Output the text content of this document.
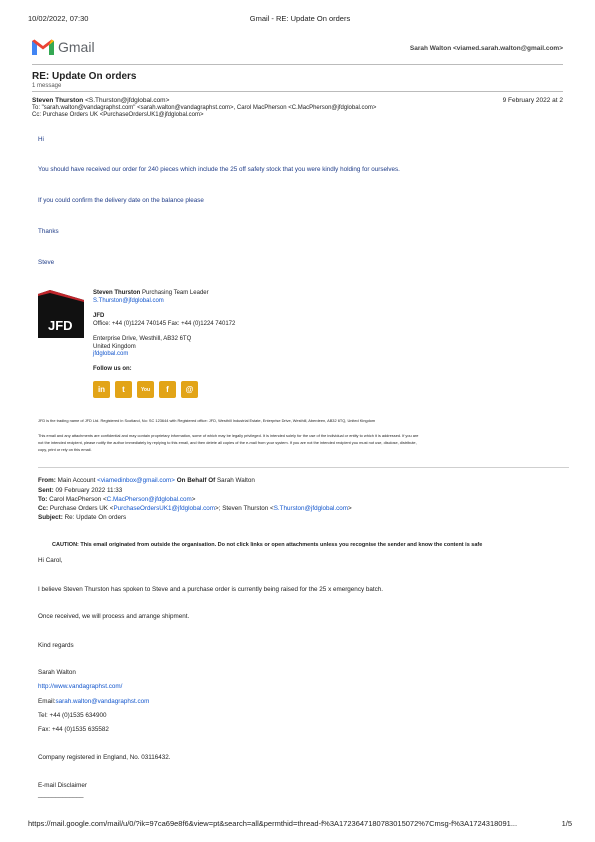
10/02/2022, 07:30	Gmail - RE: Update On orders
Gmail	Sarah Walton <viamed.sarah.walton@gmail.com>
RE: Update On orders
1 message
Steven Thurston <S.Thurston@jfdglobal.com>	9 February 2022 at 2
To: "sarah.walton@vandagraphst.com" <sarah.walton@vandagraphst.com>, Carol MacPherson <C.MacPherson@jfdglobal.com>
Cc: Purchase Orders UK <PurchaseOrdersUK1@jfdglobal.com>
Hi
You should have received our order for 240 pieces which include the 25 off safety stock that you were kindly holding for ourselves.
If you could confirm the delivery date on the balance please
Thanks
Steve
JFD
Steven Thurston Purchasing Team Leader
S.Thurston@jfdglobal.com
JFD
Office: +44 (0)1224 740145 Fax: +44 (0)1224 740172
Enterprise Drive, Westhill, AB32 6TQ
United Kingdom
jfdglobal.com
Follow us on:
in	t	You	f	@
JFD is the trading name of JFD Ltd. Registered in Scotland, No: SC 123644 with Registered office: JFD, Westhill Industrial Estate, Enterprise Drive, Westhill, Aberdeen, AB32 6TQ, United Kingdom
This email and any attachments are confidential and may contain proprietary information, some of which may be legally privileged. It is intended solely for the use of the individual or entity to which it is addressed. If you are
not the intended recipient, please notify the author immediately by replying to this email, and then delete all copies of the e-mail from your system. If you are not the intended recipient you must not use, disclose, distribute,
copy, print or rely on this email.
From: Main Account <viamedinbox@gmail.com> On Behalf Of Sarah Walton
Sent: 09 February 2022 11:33
To: Carol MacPherson <C.MacPherson@jfdglobal.com>
Cc: Purchase Orders UK <PurchaseOrdersUK1@jfdglobal.com>; Steven Thurston <S.Thurston@jfdglobal.com>
Subject: Re: Update On orders
CAUTION: This email originated from outside the organisation. Do not click links or open attachments unless you recognise the sender and know the content is safe
Hi Carol,
I believe Steven Thurston has spoken to Steve and a purchase order is currently being raised for the 25 x emergency batch.
Once received, we will process and arrange shipment.
Kind regards
Sarah Walton
http://www.vandagraphst.com/
Email:sarah.walton@vandagraphst.com
Tel: +44 (0)1535 634900
Fax: +44 (0)1535 635582
Company registered in England, No. 03116432.
E-mail Disclaimer
_____________
https://mail.google.com/mail/u/0/?ik=97ca69e8f6&view=pt&search=all&permthid=thread-f%3A1723647180783015072%7Cmsg-f%3A1724318091...	1/5
